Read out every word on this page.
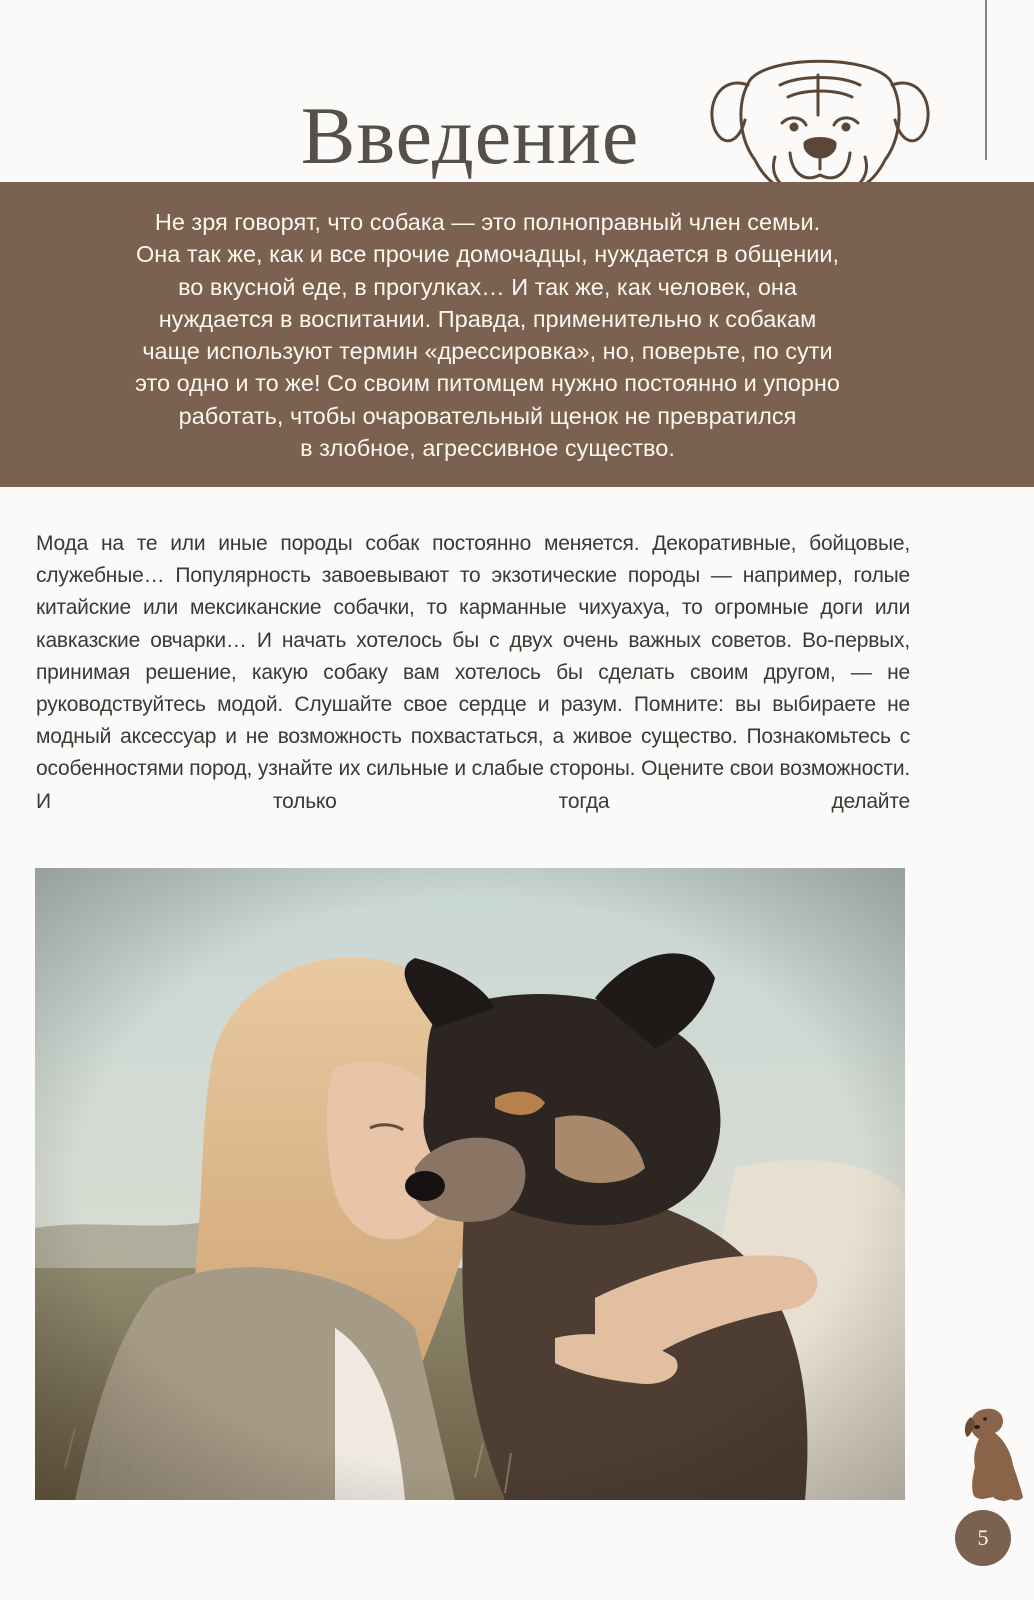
Введение

Не зря говорят, что собака — это полноправный член семьи.
Она так же, как и все прочие домочадцы, нуждается в общении,
во вкусной еде, в прогулках… И так же, как человек, она
нуждается в воспитании. Правда, применительно к собакам
чаще используют термин «дрессировка», но, поверьте, по сути
это одно и то же! Со своим питомцем нужно постоянно и упорно
работать, чтобы очаровательный щенок не превратился
в злобное, агрессивное существо.

Мода на те или иные породы собак постоянно меняется. Декоративные, бойцовые, служебные… Популярность завоевывают то экзотические породы — например, голые китайские или мексиканские собачки, то карманные чихуахуа, то огромные доги или кавказские овчарки… И начать хотелось бы с двух очень важных советов. Во-первых, принимая решение, какую собаку вам хотелось бы сделать своим другом, — не руководствуйтесь модой. Слушайте свое сердце и разум. Помните: вы выбираете не модный аксессуар и не возможность похвастаться, а живое существо. Познакомьтесь с особенностями пород, узнайте их сильные и слабые стороны. Оцените свои возможности. И только тогда делайте

5
